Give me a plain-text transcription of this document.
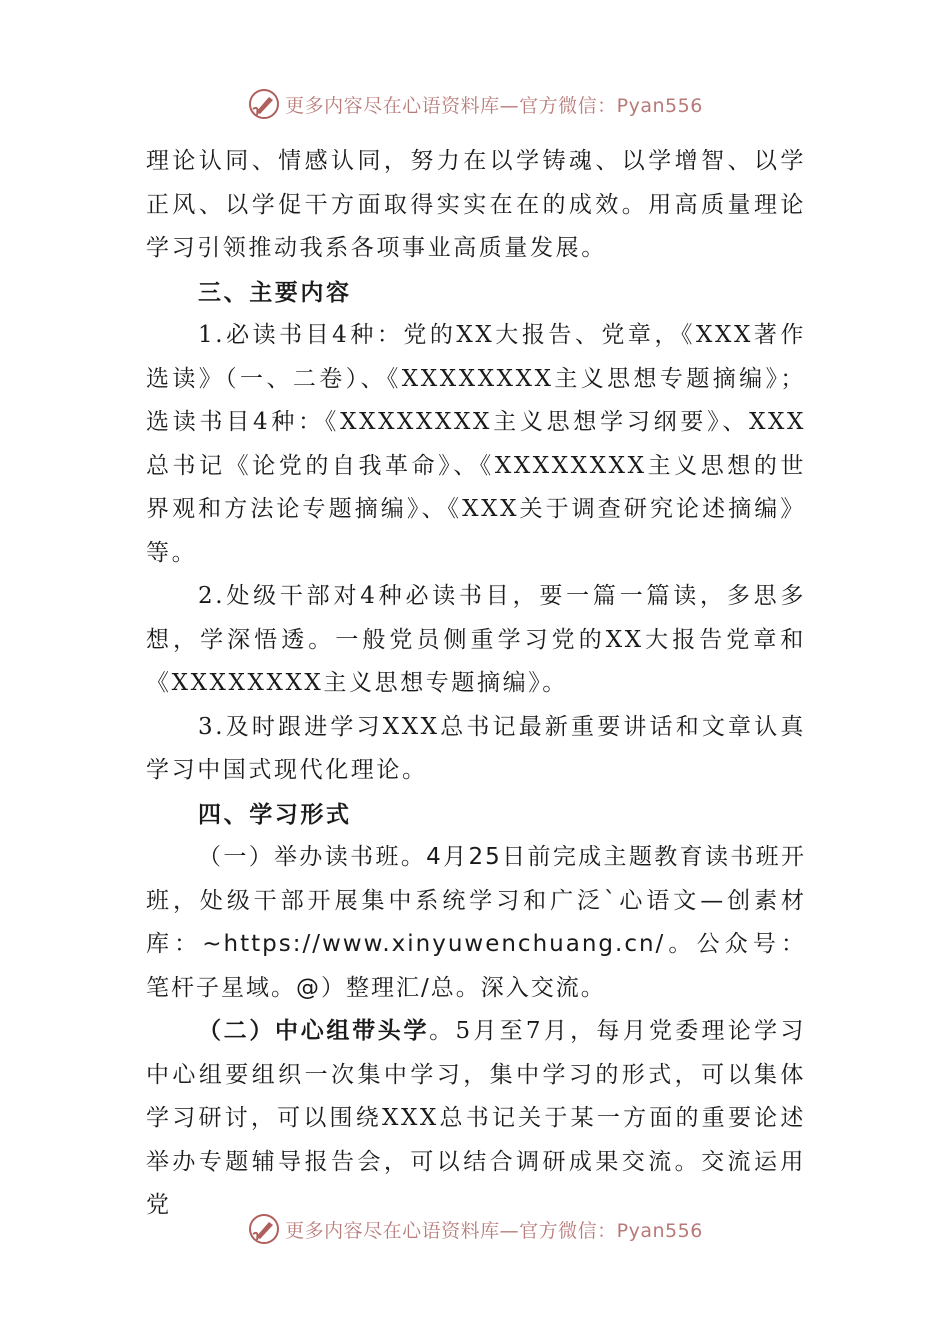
更多内容尽在心语资料库—官方微信：Pyan556

理论认同、情感认同，努力在以学铸魂、以学增智、以学正风、以学促干方面取得实实在在的成效。用高质量理论学习引领推动我系各项事业高质量发展。

三、主要内容

1.必读书目4种：党的XX大报告、党章，《XXX著作选读》（一、二卷）、《XXXXXXXX主义思想专题摘编》；选读书目4种：《XXXXXXXX主义思想学习纲要》、XXX总书记《论党的自我革命》、《XXXXXXXX主义思想的世界观和方法论专题摘编》、《XXX关于调查研究论述摘编》等。

2.处级干部对4种必读书目，要一篇一篇读，多思多想，学深悟透。一般党员侧重学习党的XX大报告党章和《XXXXXXXX主义思想专题摘编》。

3.及时跟进学习XXX总书记最新重要讲话和文章认真学习中国式现代化理论。

四、学习形式

（一）举办读书班。4月25日前完成主题教育读书班开班，处级干部开展集中系统学习和广泛`心语文—创素材库：~https://www.xinyuwenchuang.cn/。公众号：笔杆子星域。@）整理汇/总。深入交流。

（二）中心组带头学。5月至7月，每月党委理论学习中心组要组织一次集中学习，集中学习的形式，可以集体学习研讨，可以围绕XXX总书记关于某一方面的重要论述举办专题辅导报告会，可以结合调研成果交流。交流运用党

更多内容尽在心语资料库—官方微信：Pyan556
